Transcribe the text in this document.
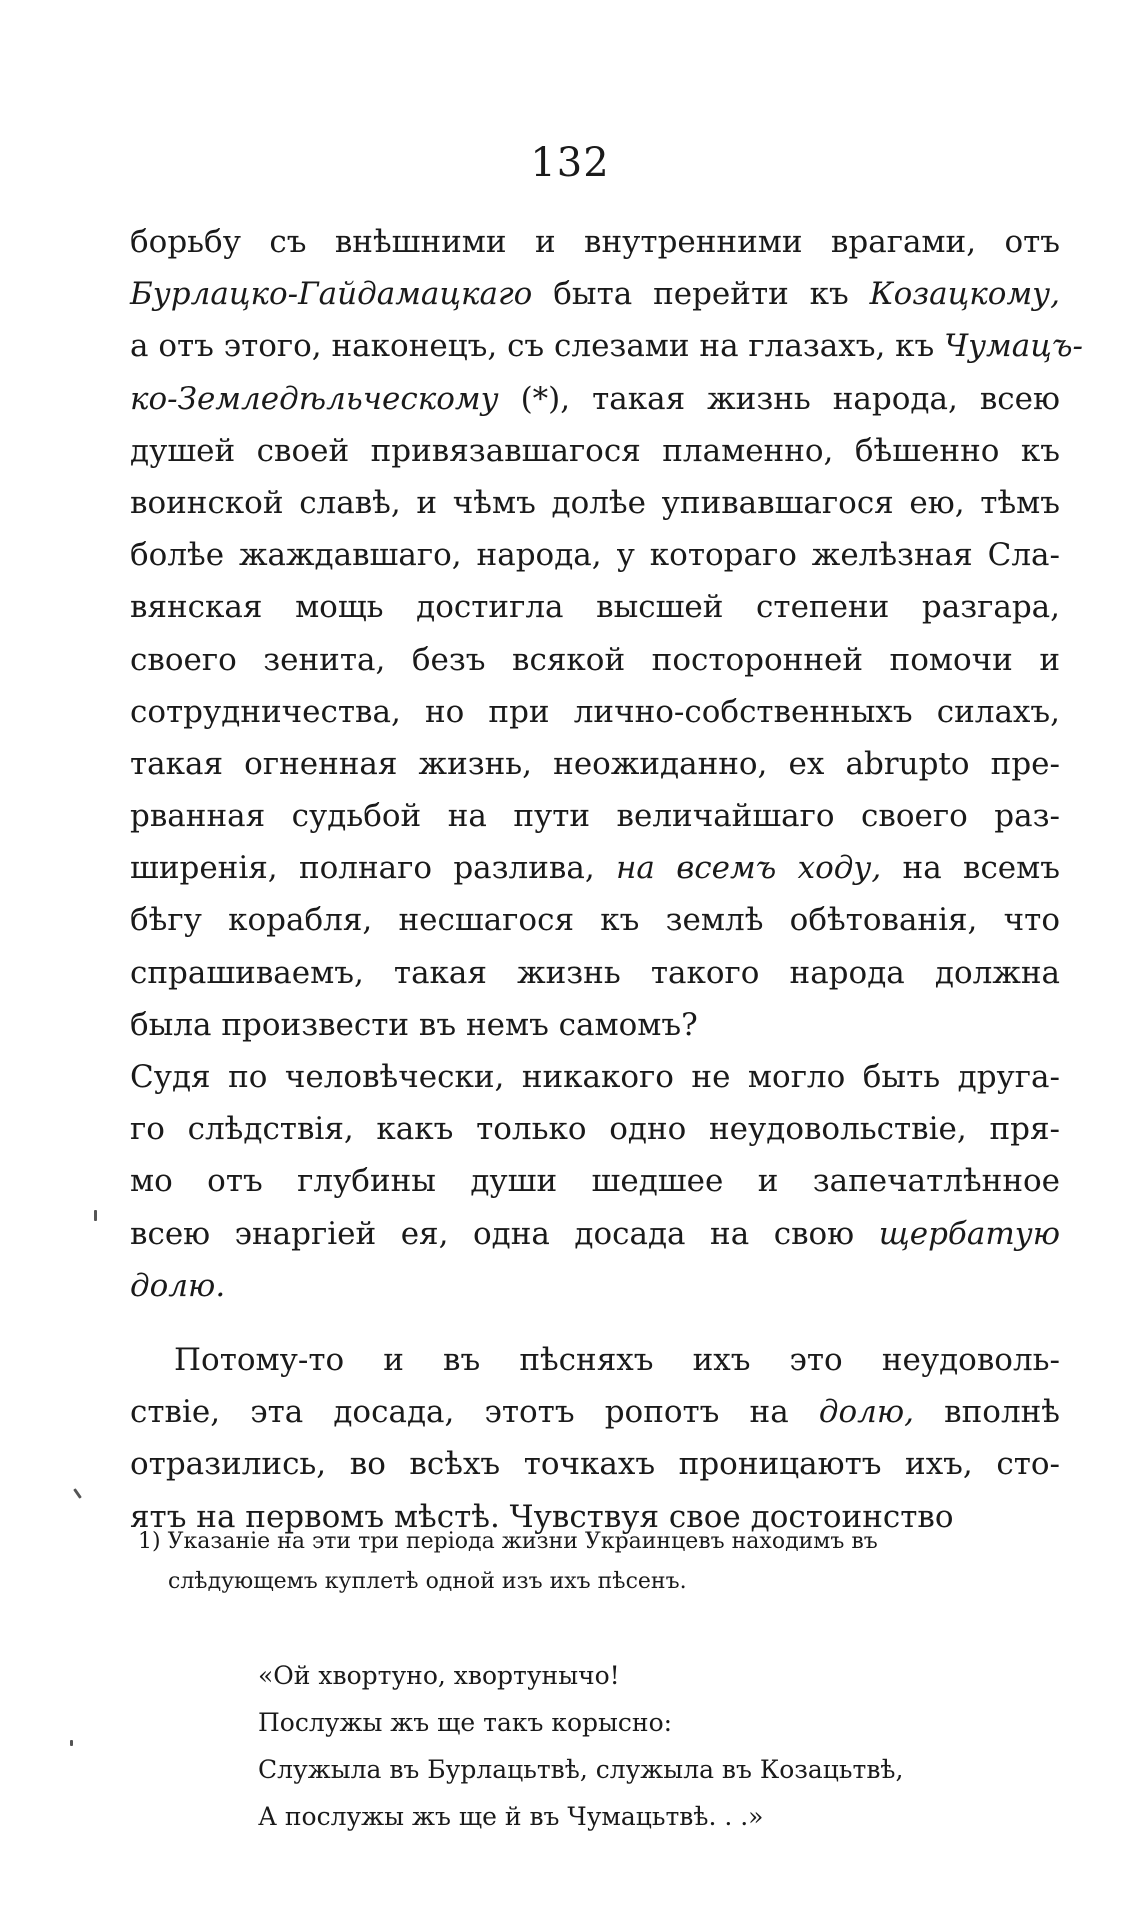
132
борьбу съ внѣшними и внутренними врагами, отъ
Бурлацко-Гайдамацкаго быта перейти къ Козацкому,
а отъ этого, наконецъ, съ слезами на глазахъ, къ Чумацъ-
ко-Земледѣльческому (*), такая жизнь народа, всею
душей своей привязавшагося пламенно, бѣшенно къ
воинской славѣ, и чѣмъ долѣе упивавшагося ею, тѣмъ
болѣе жаждавшаго, народа, у котораго желѣзная Сла-
вянская мощь достигла высшей степени разгара,
своего зенита, безъ всякой посторонней помочи и
сотрудничества, но при лично-собственныхъ силахъ,
такая огненная жизнь, неожиданно, ex abrupto пре-
рванная судьбой на пути величайшаго своего раз-
ширенія, полнаго разлива, на всемъ ходу, на всемъ
бѣгу корабля, несшагося къ землѣ обѣтованія, что
спрашиваемъ, такая жизнь такого народа должна
была произвести въ немъ самомъ?
Судя по человѣчески, никакого не могло быть друга-
го слѣдствія, какъ только одно неудовольствіе, пря-
мо отъ глубины души шедшее и запечатлѣнное
всею энаргіей ея, одна досада на свою щербатую
долю.
Потому-то и въ пѣсняхъ ихъ это неудоволь-
ствіе, эта досада, этотъ ропотъ на долю, вполнѣ
отразились, во всѣхъ точкахъ проницаютъ ихъ, сто-
ятъ на первомъ мѣстѣ. Чувствуя свое достоинство
1) Указаніе на эти три періода жизни Украинцевъ находимъ въ
слѣдующемъ куплетѣ одной изъ ихъ пѣсенъ.
«Ой хвортуно, хвортунычо!
Послужы жъ ще такъ корысно:
Служыла въ Бурлацьтвѣ, служыла въ Козацьтвѣ,
А послужы жъ ще й въ Чумацьтвѣ. . .»
